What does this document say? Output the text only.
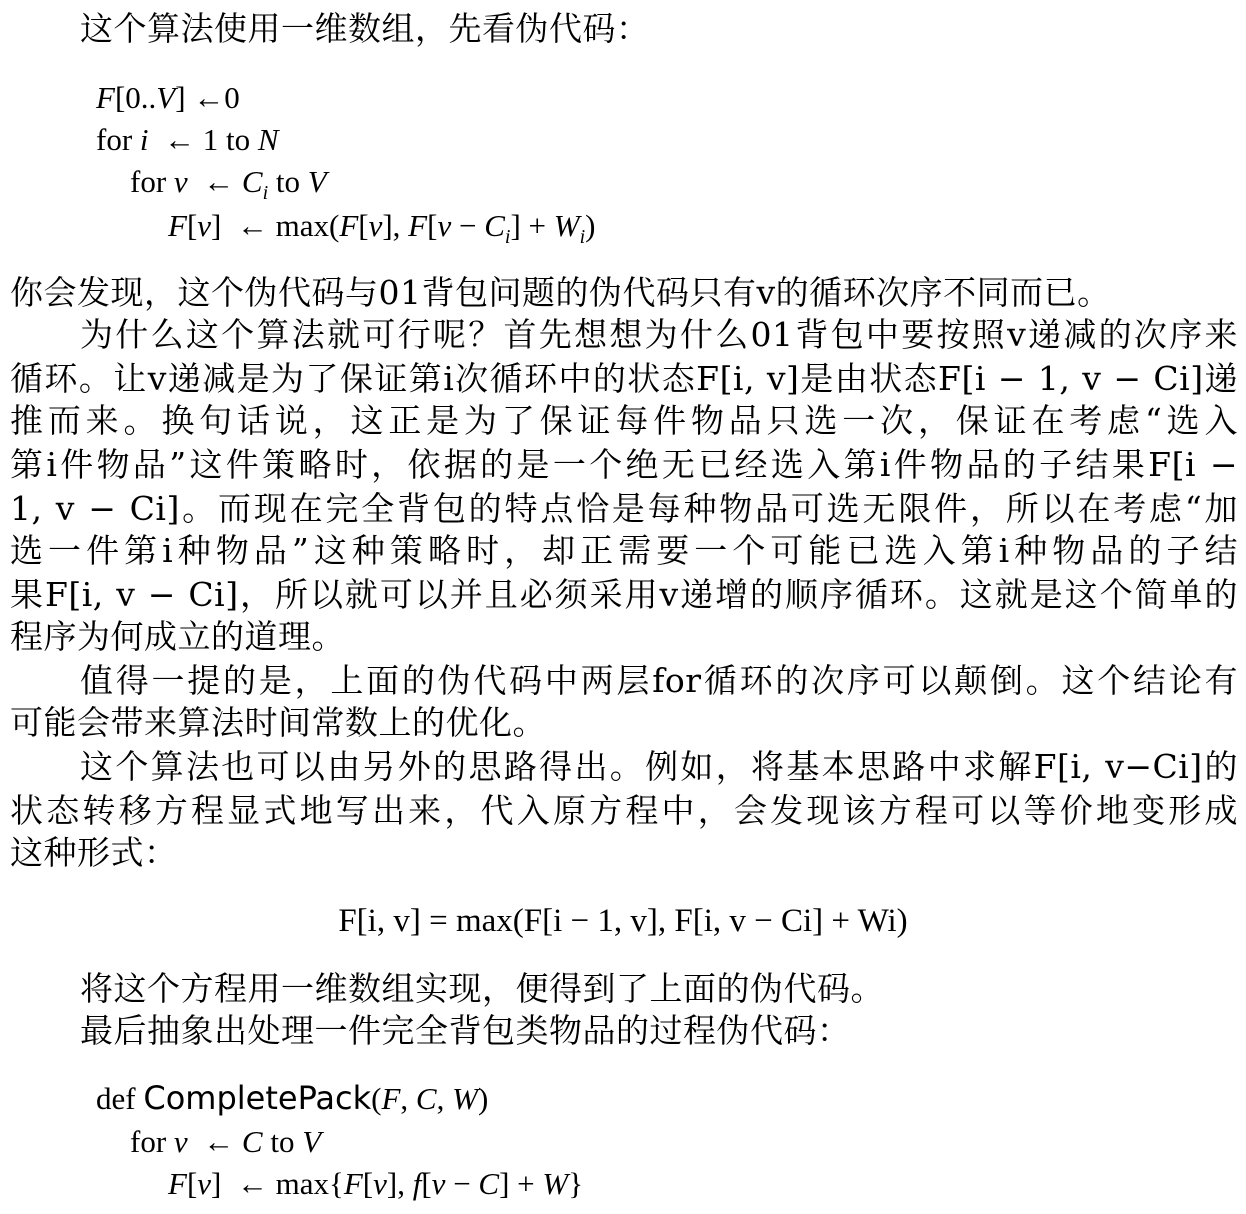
这个算法使用一维数组，先看伪代码：
F[0..V] ←0
for i  ← 1 to N
for v  ← $C_i$ to V
F[v]  ← max(F[v], $F[v - C_i] + W_i$)
你会发现，这个伪代码与01背包问题的伪代码只有v的循环次序不同而已。
为什么这个算法就可行呢？首先想想为什么01背包中要按照v递减的次序来
循环。让v递减是为了保证第i次循环中的状态F[i, v]是由状态F[i − 1, v − Ci]递
推而来。换句话说，这正是为了保证每件物品只选一次，保证在考虑“选入
第i件物品”这件策略时，依据的是一个绝无已经选入第i件物品的子结果F[i −
1, v − Ci]。而现在完全背包的特点恰是每种物品可选无限件，所以在考虑“加
选一件第i种物品”这种策略时，却正需要一个可能已选入第i种物品的子结
果F[i, v − Ci]，所以就可以并且必须采用v递增的顺序循环。这就是这个简单的
程序为何成立的道理。
值得一提的是，上面的伪代码中两层for循环的次序可以颠倒。这个结论有
可能会带来算法时间常数上的优化。
这个算法也可以由另外的思路得出。例如，将基本思路中求解F[i, v−Ci]的
状态转移方程显式地写出来，代入原方程中，会发现该方程可以等价地变形成
这种形式：
F[i, v] = max(F[i − 1, v], F[i, v − Ci] + Wi)
将这个方程用一维数组实现，便得到了上面的伪代码。
最后抽象出处理一件完全背包类物品的过程伪代码：
def CompletePack(F, C, W)
for v  ← C to V
F[v]  ← max{F[v], f[v − C] + W}
